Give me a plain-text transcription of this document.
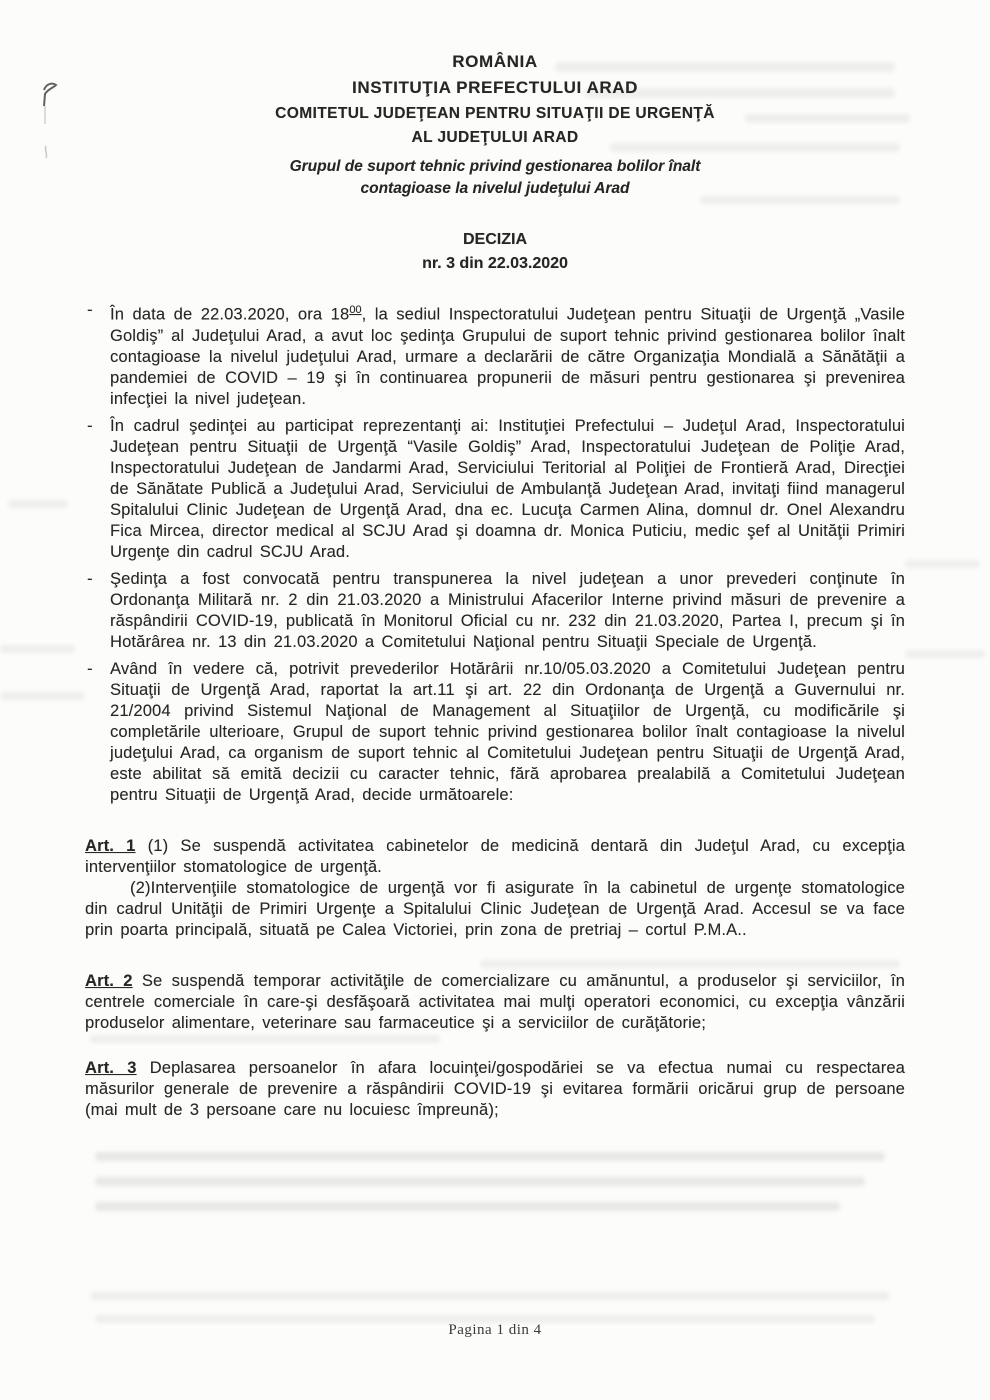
ROMÂNIA
INSTITUŢIA PREFECTULUI ARAD
COMITETUL JUDEŢEAN PENTRU SITUAŢII DE URGENŢĂ
AL JUDEŢULUI ARAD
Grupul de suport tehnic privind gestionarea bolilor înalt
contagioase la nivelul judeţului Arad
DECIZIA
nr. 3 din 22.03.2020
- În data de 22.03.2020, ora $18^{00}$, la sediul Inspectoratului Judeţean pentru Situaţii de Urgenţă „Vasile Goldiş” al Judeţului Arad, a avut loc şedinţa Grupului de suport tehnic privind gestionarea bolilor înalt contagioase la nivelul judeţului Arad, urmare a declarării de către Organizaţia Mondială a Sănătăţii a pandemiei de COVID – 19 şi în continuarea propunerii de măsuri pentru gestionarea şi prevenirea infecţiei la nivel judeţean.
- În cadrul şedinţei au participat reprezentanţi ai: Instituţiei Prefectului – Judeţul Arad, Inspectoratului Judeţean pentru Situaţii de Urgenţă “Vasile Goldiş” Arad, Inspectoratului Judeţean de Poliţie Arad, Inspectoratului Judeţean de Jandarmi Arad, Serviciului Teritorial al Poliţiei de Frontieră Arad, Direcţiei de Sănătate Publică a Judeţului Arad, Serviciului de Ambulanţă Judeţean Arad, invitaţi fiind managerul Spitalului Clinic Judeţean de Urgenţă Arad, dna ec. Lucuţa Carmen Alina, domnul dr. Onel Alexandru Fica Mircea, director medical al SCJU Arad şi doamna dr. Monica Puticiu, medic şef al Unităţii Primiri Urgenţe din cadrul SCJU Arad.
- Şedinţa a fost convocată pentru transpunerea la nivel judeţean a unor prevederi conţinute în Ordonanţa Militară nr. 2 din 21.03.2020 a Ministrului Afacerilor Interne privind măsuri de prevenire a răspândirii COVID-19, publicată în Monitorul Oficial cu nr. 232 din 21.03.2020, Partea I, precum şi în Hotărârea nr. 13 din 21.03.2020 a Comitetului Naţional pentru Situaţii Speciale de Urgenţă.
- Având în vedere că, potrivit prevederilor Hotărârii nr.10/05.03.2020 a Comitetului Judeţean pentru Situaţii de Urgenţă Arad, raportat la art.11 şi art. 22 din Ordonanţa de Urgenţă a Guvernului nr. 21/2004 privind Sistemul Naţional de Management al Situaţiilor de Urgenţă, cu modificările şi completările ulterioare, Grupul de suport tehnic privind gestionarea bolilor înalt contagioase la nivelul judeţului Arad, ca organism de suport tehnic al Comitetului Judeţean pentru Situaţii de Urgenţă Arad, este abilitat să emită decizii cu caracter tehnic, fără aprobarea prealabilă a Comitetului Judeţean pentru Situaţii de Urgenţă Arad, decide următoarele:
Art. 1 (1) Se suspendă activitatea cabinetelor de medicină dentară din Judeţul Arad, cu excepţia intervenţiilor stomatologice de urgenţă.
(2)Intervenţiile stomatologice de urgenţă vor fi asigurate în la cabinetul de urgenţe stomatologice din cadrul Unităţii de Primiri Urgenţe a Spitalului Clinic Judeţean de Urgenţă Arad. Accesul se va face prin poarta principală, situată pe Calea Victoriei, prin zona de pretriaj – cortul P.M.A..
Art. 2 Se suspendă temporar activităţile de comercializare cu amănuntul, a produselor şi serviciilor, în centrele comerciale în care-şi desfăşoară activitatea mai mulţi operatori economici, cu excepţia vânzării produselor alimentare, veterinare sau farmaceutice şi a serviciilor de curăţătorie;
Art. 3 Deplasarea persoanelor în afara locuinţei/gospodăriei se va efectua numai cu respectarea măsurilor generale de prevenire a răspândirii COVID-19 şi evitarea formării oricărui grup de persoane (mai mult de 3 persoane care nu locuiesc împreună);
Pagina 1 din 4
